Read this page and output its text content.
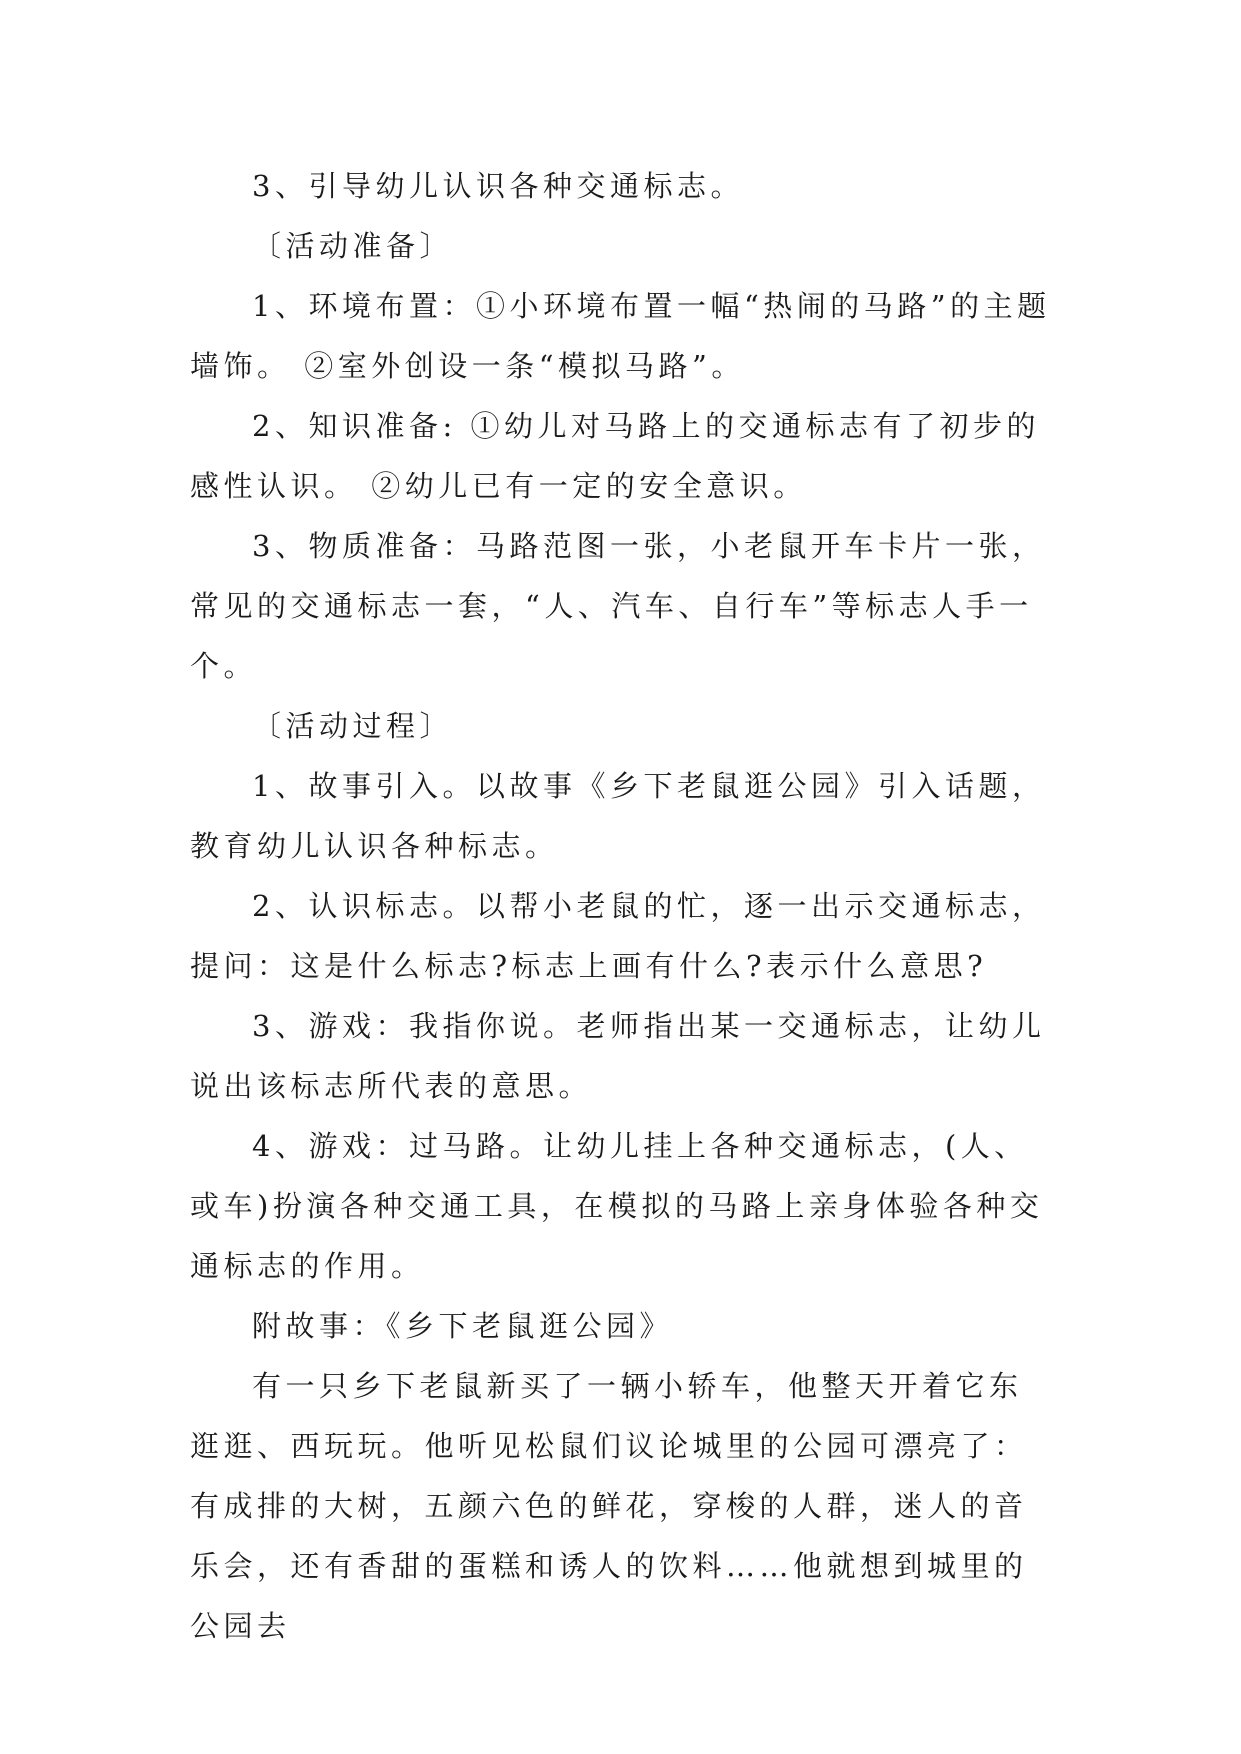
3、引导幼儿认识各种交通标志。

〔活动准备〕

1、环境布置：①小环境布置一幅“热闹的马路”的主题墙饰。 ②室外创设一条“模拟马路”。

2、知识准备: ①幼儿对马路上的交通标志有了初步的感性认识。 ②幼儿已有一定的安全意识。

3、物质准备：马路范图一张，小老鼠开车卡片一张，常见的交通标志一套，“人、汽车、自行车”等标志人手一个。

〔活动过程〕

1、故事引入。以故事《乡下老鼠逛公园》引入话题，教育幼儿认识各种标志。

2、认识标志。以帮小老鼠的忙，逐一出示交通标志，提问：这是什么标志?标志上画有什么?表示什么意思?

3、游戏：我指你说。老师指出某一交通标志，让幼儿说出该标志所代表的意思。

4、游戏：过马路。让幼儿挂上各种交通标志，(人、或车)扮演各种交通工具，在模拟的马路上亲身体验各种交通标志的作用。

附故事：《乡下老鼠逛公园》

有一只乡下老鼠新买了一辆小轿车，他整天开着它东逛逛、西玩玩。他听见松鼠们议论城里的公园可漂亮了：有成排的大树，五颜六色的鲜花，穿梭的人群，迷人的音乐会，还有香甜的蛋糕和诱人的饮料……他就想到城里的公园去
